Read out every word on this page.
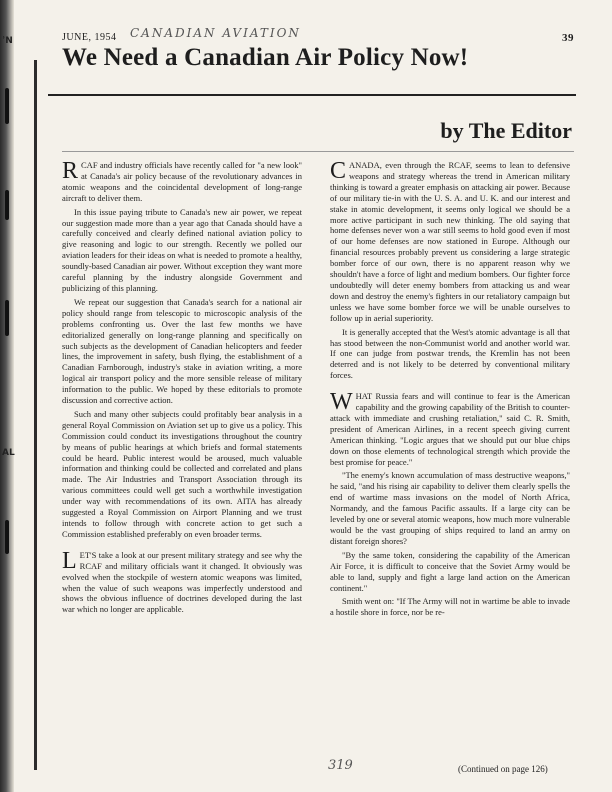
ʾN
AL
JUNE, 1954 CANADIAN AVIATION	39
We Need a Canadian Air Policy Now!
by The Editor

RCAF and industry officials have recently called for "a new look" at Canada's air policy because of the revolutionary advances in atomic weapons and the coincidental development of long-range aircraft to deliver them.

In this issue paying tribute to Canada's new air power, we repeat our suggestion made more than a year ago that Canada should have a carefully conceived and clearly defined national aviation policy to give reasoning and logic to our strength. Recently we polled our aviation leaders for their ideas on what is needed to promote a healthy, soundly-based Canadian air power. Without exception they want more careful planning by the industry alongside Government and publicizing of this planning.

We repeat our suggestion that Canada's search for a national air policy should range from telescopic to microscopic analysis of the problems confronting us. Over the last few months we have editorialized generally on long-range planning and specifically on such subjects as the development of Canadian helicopters and feeder lines, the improvement in safety, bush flying, the establishment of a Canadian Farnborough, industry's stake in aviation writing, a more logical air transport policy and the more sensible release of military information to the public. We hoped by these editorials to promote discussion and corrective action.

Such and many other subjects could profitably bear analysis in a general Royal Commission on Aviation set up to give us a policy. This Commission could conduct its investigations throughout the country by means of public hearings at which briefs and formal statements could be heard. Public interest would be aroused, much valuable information and thinking could be collected and correlated and plans made. The Air Industries and Transport Association through its various committees could well get such a worthwhile investigation under way with recommendations of its own. AITA has already suggested a Royal Commission on Airport Planning and we trust intends to follow through with concrete action to get such a Commission established preferably on even broader terms.

LET'S take a look at our present military strategy and see why the RCAF and military officials want it changed. It obviously was evolved when the stockpile of western atomic weapons was limited, when the value of such weapons was imperfectly understood and shows the obvious influence of doctrines developed during the last war which no longer are applicable.

CANADA, even through the RCAF, seems to lean to defensive weapons and strategy whereas the trend in American military thinking is toward a greater emphasis on attacking air power. Because of our military tie-in with the U. S. A. and U. K. and our interest and stake in atomic development, it seems only logical we should be a more active participant in such new thinking. The old saying that home defenses never won a war still seems to hold good even if most of our home defenses are now stationed in Europe. Although our financial resources probably prevent us considering a large strategic bomber force of our own, there is no apparent reason why we shouldn't have a force of light and medium bombers. Our fighter force undoubtedly will deter enemy bombers from attacking us and wear down and destroy the enemy's fighters in our retaliatory campaign but unless we have some bomber force we will be unable ourselves to follow up in aerial superiority.

It is generally accepted that the West's atomic advantage is all that has stood between the non-Communist world and another world war. If one can judge from postwar trends, the Kremlin has not been deterred and is not likely to be deterred by conventional military forces.

WHAT Russia fears and will continue to fear is the American capability and the growing capability of the British to counter-attack with immediate and crushing retaliation," said C. R. Smith, president of American Airlines, in a recent speech giving current American thinking. "Logic argues that we should put our blue chips down on those elements of technological strength which provide the best promise for peace."

"The enemy's known accumulation of mass destructive weapons," he said, "and his rising air capability to deliver them clearly spells the end of wartime mass invasions on the model of North Africa, Normandy, and the famous Pacific assaults. If a large city can be leveled by one or several atomic weapons, how much more vulnerable would be the vast grouping of ships required to land an army on distant foreign shores?

"By the same token, considering the capability of the American Air Force, it is difficult to conceive that the Soviet Army would be able to land, supply and fight a large land action on the American continent."

Smith went on: "If The Army will not in wartime be able to invade a hostile shore in force, nor be re-

319	(Continued on page 126)
